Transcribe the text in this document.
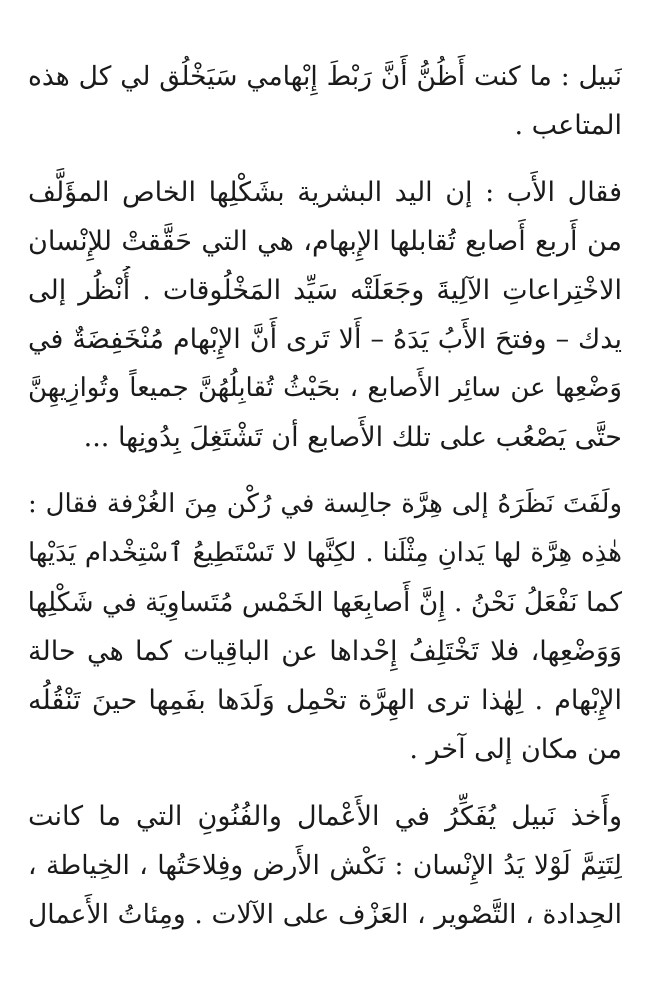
نَبيل : ما كنت أَظُنُّ أَنَّ رَبْطَ إِبْهامي سَيَخْلُق لي كل هذه
المتاعب .
فقال الأَب : إن اليد البشرية بشَكْلِها الخاص المؤَلَّف
من أَربع أَصابع تُقابلها الإِبهام، هي التي حَقَّقتْ للإِنْسان
الاخْتِراعاتِ الآلِيةَ وجَعَلَتْه سَيِّد المَخْلُوقات . أُنْظُر إلى
يدك – وفتحَ الأَبُ يَدَهُ – أَلا تَرى أَنَّ الإِبْهام مُنْخَفِضَةٌ في
وَضْعِها عن سائِر الأَصابع ، بحَيْثُ تُقابِلُهُنَّ جميعاً وتُوازِيهِنَّ
حتَّى يَصْعُب على تلك الأَصابع أن تَشْتَغِلَ بِدُونِها ...
ولَفَتَ نَظَرَهُ إلى هِرَّة جالِسة في رُكْن مِنَ الغُرْفة فقال :
هٰذِه هِرَّة لها يَدانِ مِثْلَنا . لكِنَّها لا تَسْتَطِيعُ ٱسْتِخْدام يَدَيْها
كما نَفْعَلُ نَحْنُ . إِنَّ أَصابِعَها الخَمْس مُتَساوِيَة في شَكْلِها
وَوَضْعِها، فلا تَخْتَلِفُ إِحْداها عن الباقِيات كما هي حالة
الإِبْهام . لِهٰذا ترى الهِرَّة تحْمِل وَلَدَها بفَمِها حينَ تَنْقُلُه
من مكان إلى آخر .
وأَخذ نَبيل يُفَكِّرُ في الأَعْمال والفُنُونِ التي ما كانت
لِتَتِمَّ لَوْلا يَدُ الإِنْسان : نَكْش الأَرض وفِلاحَتُها ، الخِياطة ،
الحِدادة ، التَّصْوير ، العَزْف على الآلات . ومِئاتُ الأَعمال
